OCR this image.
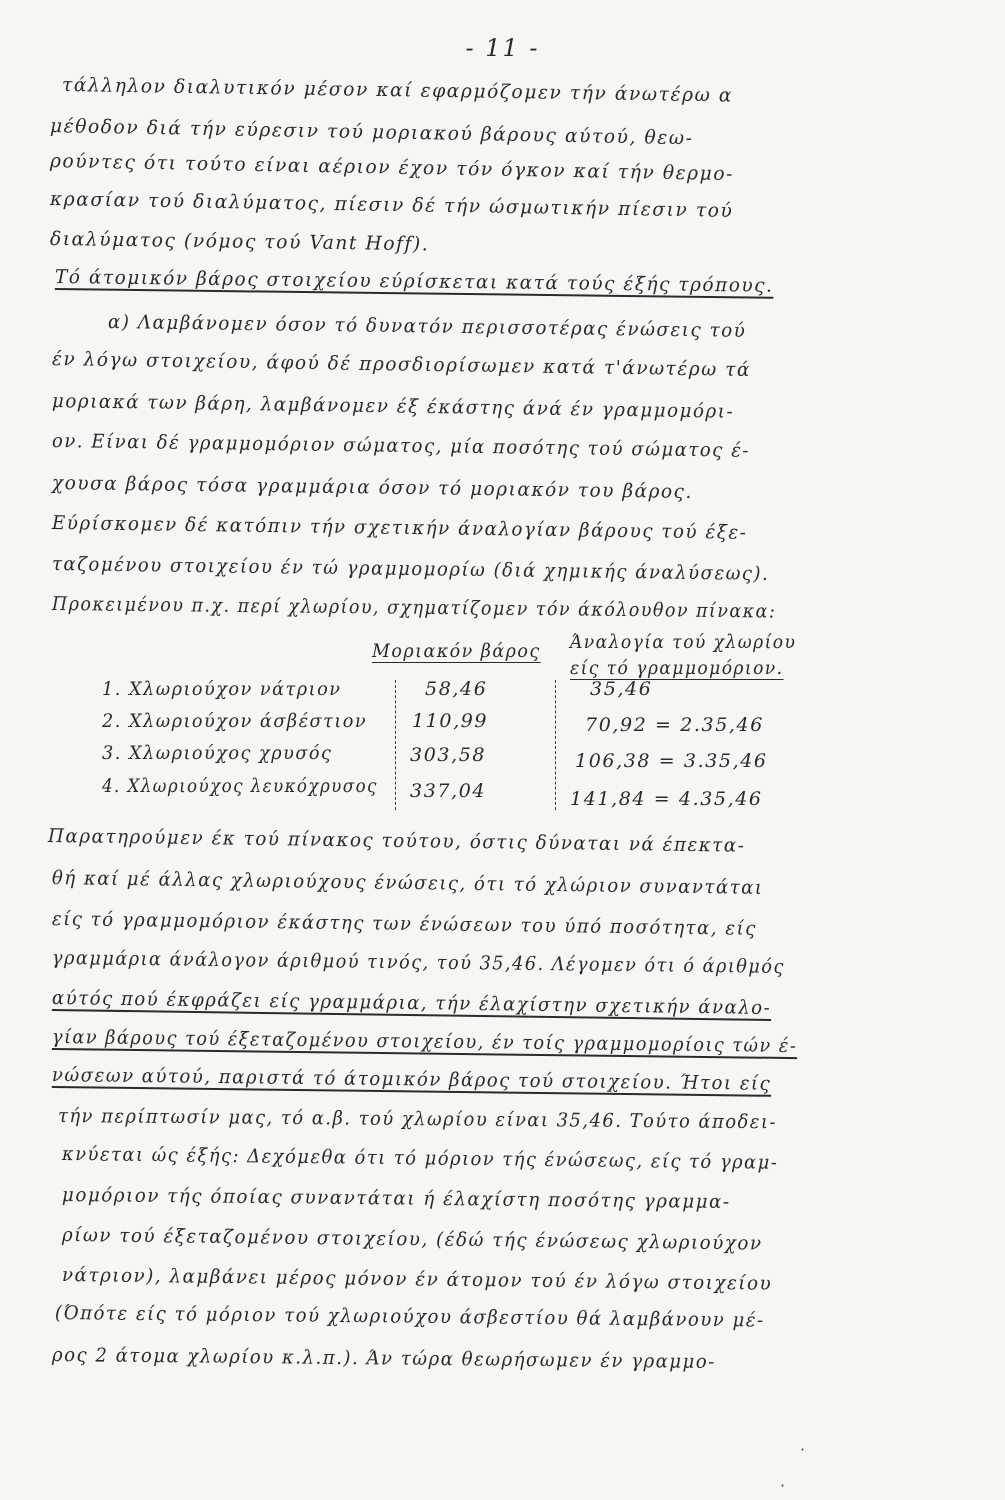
- 11 -
τάλληλον διαλυτικόν μέσον καί εφαρμόζομεν τήν άνωτέρω α
μέθοδον διά τήν εύρεσιν τού μοριακού βάρους αύτού, θεω-
ρούντες ότι τούτο είναι αέριον έχον τόν όγκον καί τήν θερμο-
κρασίαν τού διαλύματος, πίεσιν δέ τήν ώσμωτικήν πίεσιν τού
διαλύματος (νόμος τού Vant Hoff).
Τό άτομικόν βάρος στοιχείου εύρίσκεται κατά τούς έξής τρόπους.
α) Λαμβάνομεν όσον τό δυνατόν περισσοτέρας ένώσεις τού
έν λόγω στοιχείου, άφού δέ προσδιορίσωμεν κατά τ'άνωτέρω τά
μοριακά των βάρη, λαμβάνομεν έξ έκάστης άνά έν γραμμομόρι-
ον. Είναι δέ γραμμομόριον σώματος, μία ποσότης τού σώματος έ-
χουσα βάρος τόσα γραμμάρια όσον τό μοριακόν του βάρος.
Εύρίσκομεν δέ κατόπιν τήν σχετικήν άναλογίαν βάρους τού έξε-
ταζομένου στοιχείου έν τώ γραμμομορίω (διά χημικής άναλύσεως).
Προκειμένου π.χ. περί χλωρίου, σχηματίζομεν τόν άκόλουθον πίνακα:
Μοριακόν βάρος Άναλογία τού χλωρίου
είς τό γραμμομόριον.
1. Χλωριούχον νάτριον	58,46	35,46
2. Χλωριούχον άσβέστιον 110,99	70,92 = 2.35,46
3. Χλωριούχος χρυσός	303,58	106,38 = 3.35,46
4. Χλωριούχος λευκόχρυσος 337,04	141,84 = 4.35,46
Παρατηρούμεν έκ τού πίνακος τούτου, όστις δύναται νά έπεκτα-
θή καί μέ άλλας χλωριούχους ένώσεις, ότι τό χλώριον συναντάται
είς τό γραμμομόριον έκάστης των ένώσεων του ύπό ποσότητα, είς
γραμμάρια άνάλογον άριθμού τινός, τού 35,46. Λέγομεν ότι ό άριθμός
αύτός πού έκφράζει είς γραμμάρια, τήν έλαχίστην σχετικήν άναλο-
γίαν βάρους τού έξεταζομένου στοιχείου, έν τοίς γραμμομορίοις τών έ-
νώσεων αύτού, παριστά τό άτομικόν βάρος τού στοιχείου. Ήτοι είς
τήν περίπτωσίν μας, τό α.β. τού χλωρίου είναι 35,46. Τούτο άποδει-
κνύεται ώς έξής: Δεχόμεθα ότι τό μόριον τής ένώσεως, είς τό γραμ-
μομόριον τής όποίας συναντάται ή έλαχίστη ποσότης γραμμα-
ρίων τού έξεταζομένου στοιχείου, (έδώ τής ένώσεως χλωριούχον
νάτριον), λαμβάνει μέρος μόνον έν άτομον τού έν λόγω στοιχείου
(Όπότε είς τό μόριον τού χλωριούχου άσβεστίου θά λαμβάνουν μέ-
ρος 2 άτομα χλωρίου κ.λ.π.). Άν τώρα θεωρήσωμεν έν γραμμο-
·
·
